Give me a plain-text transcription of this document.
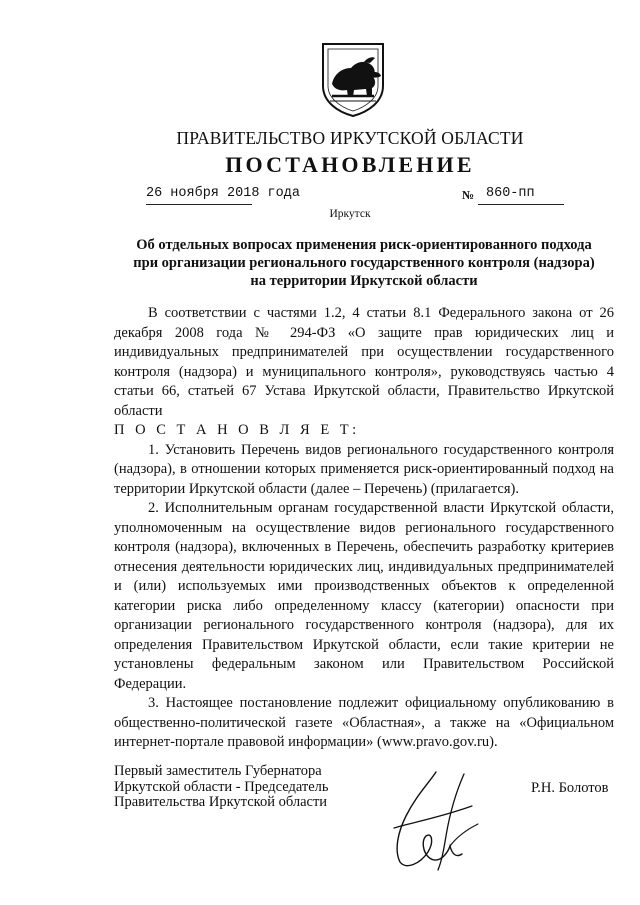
ПРАВИТЕЛЬСТВО ИРКУТСКОЙ ОБЛАСТИ
ПОСТАНОВЛЕНИЕ
26 ноября 2018 года	№ 860-пп
Иркутск
Об отдельных вопросах применения риск-ориентированного подхода
при организации регионального государственного контроля (надзора)
на территории Иркутской области

В соответствии с частями 1.2, 4 статьи 8.1 Федерального закона от 26 декабря 2008 года № 294-ФЗ «О защите прав юридических лиц и индивидуальных предпринимателей при осуществлении государственного контроля (надзора) и муниципального контроля», руководствуясь частью 4 статьи 66, статьей 67 Устава Иркутской области, Правительство Иркутской области

П О С Т А Н О В Л Я Е Т:

1. Установить Перечень видов регионального государственного контроля (надзора), в отношении которых применяется риск-ориентированный подход на территории Иркутской области (далее – Перечень) (прилагается).

2. Исполнительным органам государственной власти Иркутской области, уполномоченным на осуществление видов регионального государственного контроля (надзора), включенных в Перечень, обеспечить разработку критериев отнесения деятельности юридических лиц, индивидуальных предпринимателей и (или) используемых ими производственных объектов к определенной категории риска либо определенному классу (категории) опасности при организации регионального государственного контроля (надзора), для их определения Правительством Иркутской области, если такие критерии не установлены федеральным законом или Правительством Российской Федерации.

3. Настоящее постановление подлежит официальному опубликованию в общественно-политической газете «Областная», а также на «Официальном интернет-портале правовой информации» (www.pravo.gov.ru).

Первый заместитель Губернатора
Иркутской области - Председатель
Правительства Иркутской области
Р.Н. Болотов
